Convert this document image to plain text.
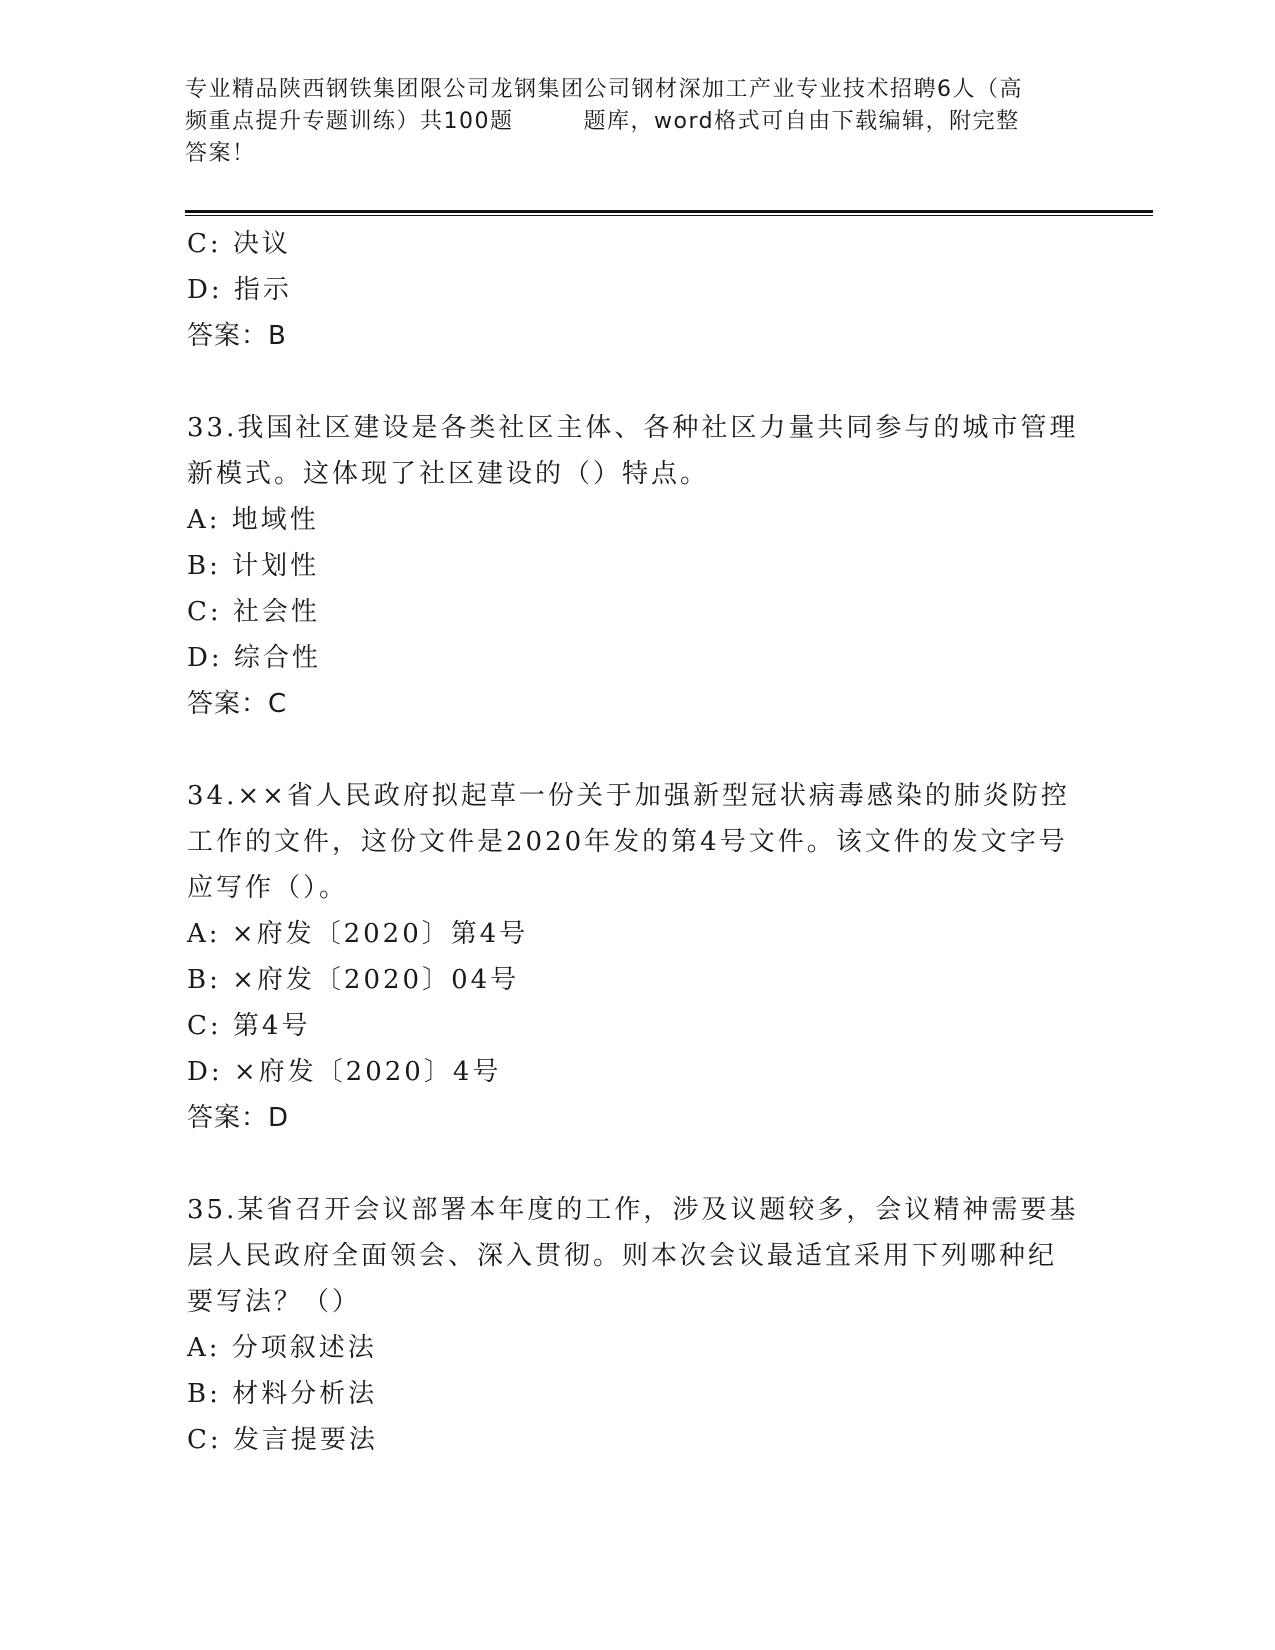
专业精品陕西钢铁集团限公司龙钢集团公司钢材深加工产业专业技术招聘6人（高
频重点提升专题训练）共100题	题库，word格式可自由下载编辑，附完整
答案！
C: 决议
D: 指示
答案：B
33.我国社区建设是各类社区主体、各种社区力量共同参与的城市管理
新模式。这体现了社区建设的（）特点。
A: 地域性
B: 计划性
C: 社会性
D: 综合性
答案：C
34.××省人民政府拟起草一份关于加强新型冠状病毒感染的肺炎防控
工作的文件，这份文件是2020年发的第4号文件。该文件的发文字号
应写作（）。
A: ×府发〔2020〕第4号
B: ×府发〔2020〕04号
C: 第4号
D: ×府发〔2020〕4号
答案：D
35.某省召开会议部署本年度的工作，涉及议题较多，会议精神需要基
层人民政府全面领会、深入贯彻。则本次会议最适宜采用下列哪种纪
要写法？（）
A: 分项叙述法
B: 材料分析法
C: 发言提要法
